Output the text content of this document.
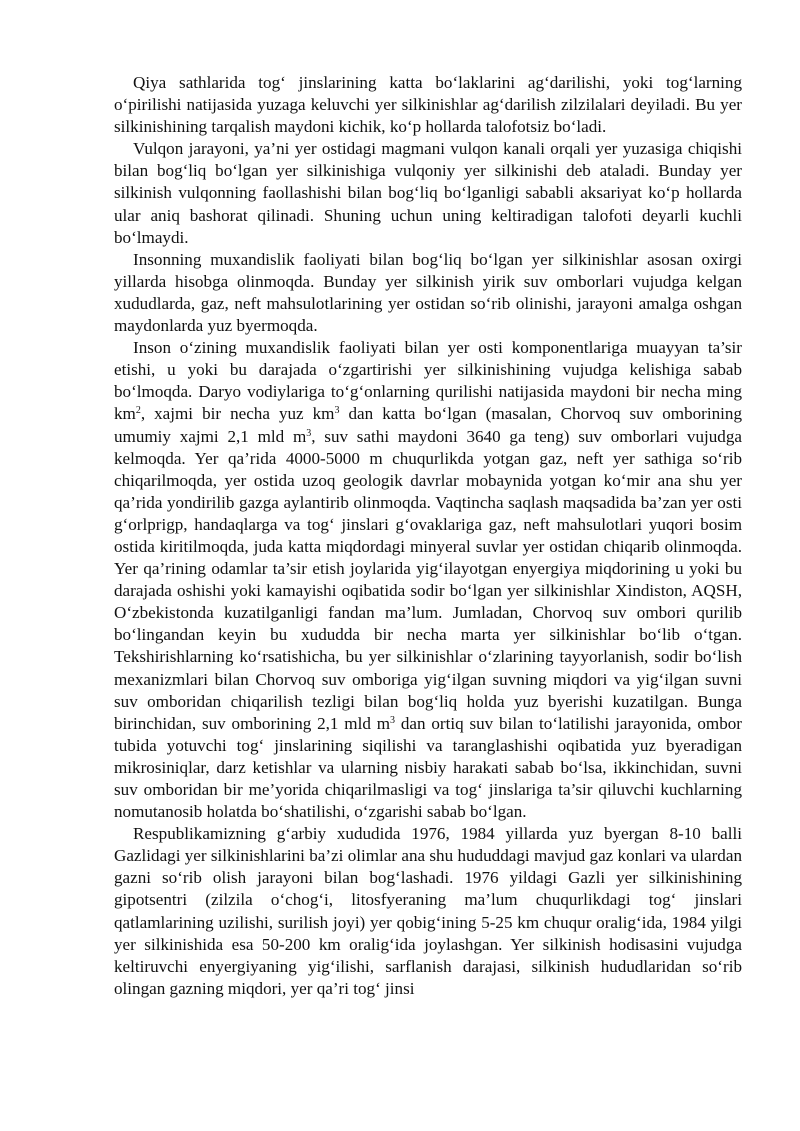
Qiya sathlarida tog‘ jinslarining katta bo‘laklarini ag‘darilishi, yoki tog‘larning o‘pirilishi natijasida yuzaga keluvchi yer silkinishlar ag‘darilish zilzilalari deyiladi. Bu yer silkinishining tarqalish maydoni kichik, ko‘p hollarda talofotsiz bo‘ladi.

Vulqon jarayoni, ya’ni yer ostidagi magmani vulqon kanali orqali yer yuzasiga chiqishi bilan bog‘liq bo‘lgan yer silkinishiga vulqoniy yer silkinishi deb ataladi. Bunday yer silkinish vulqonning faollashishi bilan bog‘liq bo‘lganligi sababli aksariyat ko‘p hollarda ular aniq bashorat qilinadi. Shuning uchun uning keltiradigan talofoti deyarli kuchli bo‘lmaydi.

Insonning muxandislik faoliyati bilan bog‘liq bo‘lgan yer silkinishlar asosan oxirgi yillarda hisobga olinmoqda. Bunday yer silkinish yirik suv omborlari vujudga kelgan xududlarda, gaz, neft mahsulotlarining yer ostidan so‘rib olinishi, jarayoni amalga oshgan maydonlarda yuz byermoqda.

Inson o‘zining muxandislik faoliyati bilan yer osti komponentlariga muayyan ta’sir etishi, u yoki bu darajada o‘zgartirishi yer silkinishining vujudga kelishiga sabab bo‘lmoqda. Daryo vodiylariga to‘g‘onlarning qurilishi natijasida maydoni bir necha ming $km^2$, xajmi bir necha yuz $km^3$ dan katta bo‘lgan (masalan, Chorvoq suv omborining umumiy xajmi 2,1 mld $m^3$, suv sathi maydoni 3640 ga teng) suv omborlari vujudga kelmoqda. Yer qa’rida 4000-5000 m chuqurlikda yotgan gaz, neft yer sathiga so‘rib chiqarilmoqda, yer ostida uzoq geologik davrlar mobaynida yotgan ko‘mir ana shu yer qa’rida yondirilib gazga aylantirib olinmoqda. Vaqtincha saqlash maqsadida ba’zan yer osti g‘orlprigp, handaqlarga va tog‘ jinslari g‘ovaklariga gaz, neft mahsulotlari yuqori bosim ostida kiritilmoqda, juda katta miqdordagi minyeral suvlar yer ostidan chiqarib olinmoqda. Yer qa’rining odamlar ta’sir etish joylarida yig‘ilayotgan enyergiya miqdorining u yoki bu darajada oshishi yoki kamayishi oqibatida sodir bo‘lgan yer silkinishlar Xindiston, AQSH, O‘zbekistonda kuzatilganligi fandan ma’lum. Jumladan, Chorvoq suv ombori qurilib bo‘lingandan keyin bu xududda bir necha marta yer silkinishlar bo‘lib o‘tgan. Tekshirishlarning ko‘rsatishicha, bu yer silkinishlar o‘zlarining tayyorlanish, sodir bo‘lish mexanizmlari bilan Chorvoq suv omboriga yig‘ilgan suvning miqdori va yig‘ilgan suvni suv omboridan chiqarilish tezligi bilan bog‘liq holda yuz byerishi kuzatilgan. Bunga birinchidan, suv omborining 2,1 mld $m^3$ dan ortiq suv bilan to‘latilishi jarayonida, ombor tubida yotuvchi tog‘ jinslarining siqilishi va taranglashishi oqibatida yuz byeradigan mikrosiniqlar, darz ketishlar va ularning nisbiy harakati sabab bo‘lsa, ikkinchidan, suvni suv omboridan bir me’yorida chiqarilmasligi va tog‘ jinslariga ta’sir qiluvchi kuchlarning nomutanosib holatda bo‘shatilishi, o‘zgarishi sabab bo‘lgan.

Respublikamizning g‘arbiy xududida 1976, 1984 yillarda yuz byergan 8-10 balli Gazlidagi yer silkinishlarini ba’zi olimlar ana shu hududdagi mavjud gaz konlari va ulardan gazni so‘rib olish jarayoni bilan bog‘lashadi. 1976 yildagi Gazli yer silkinishining gipotsentri (zilzila o‘chog‘i, litosfyeraning ma’lum chuqurlikdagi tog‘ jinslari qatlamlarining uzilishi, surilish joyi) yer qobig‘ining 5-25 km chuqur oralig‘ida, 1984 yilgi yer silkinishida esa 50-200 km oralig‘ida joylashgan. Yer silkinish hodisasini vujudga keltiruvchi enyergiyaning yig‘ilishi, sarflanish darajasi, silkinish hududlaridan so‘rib olingan gazning miqdori, yer qa’ri tog‘ jinsi
